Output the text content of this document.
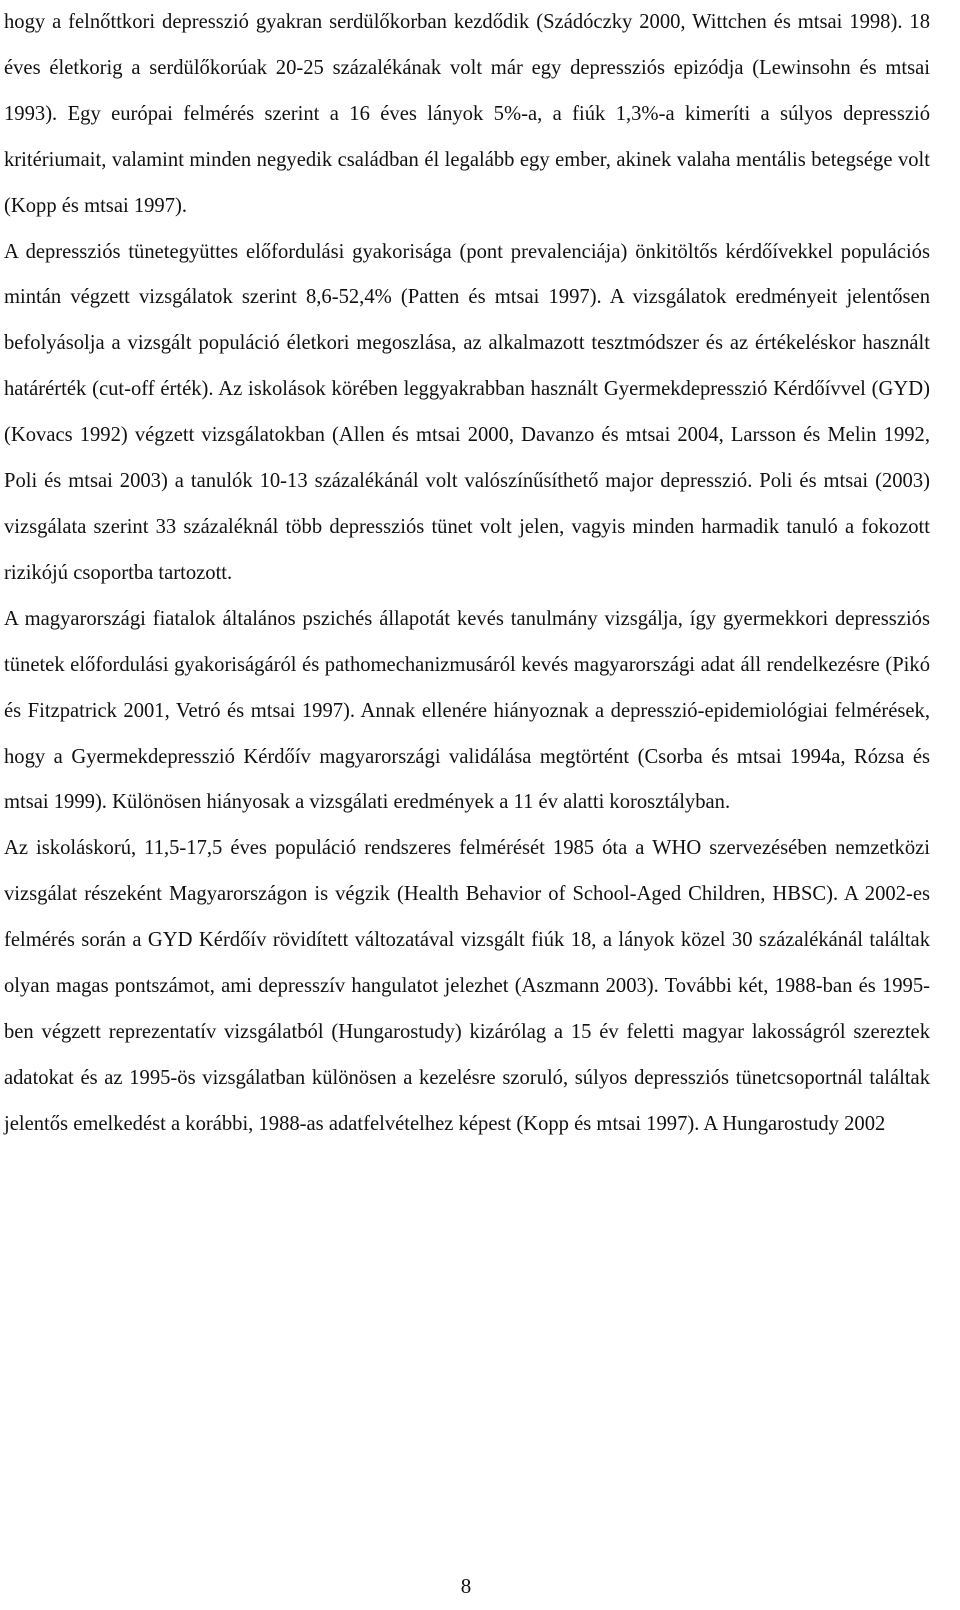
hogy a felnőttkori depresszió gyakran serdülőkorban kezdődik (Szádóczky 2000, Wittchen és mtsai 1998). 18 éves életkorig a serdülőkorúak 20-25 százalékának volt már egy depressziós epizódja (Lewinsohn és mtsai 1993). Egy európai felmérés szerint a 16 éves lányok 5%-a, a fiúk 1,3%-a kimeríti a súlyos depresszió kritériumait, valamint minden negyedik családban él legalább egy ember, akinek valaha mentális betegsége volt (Kopp és mtsai 1997).

A depressziós tünetegyüttes előfordulási gyakorisága (pont prevalenciája) önkitöltős kérdőívekkel populációs mintán végzett vizsgálatok szerint 8,6-52,4% (Patten és mtsai 1997). A vizsgálatok eredményeit jelentősen befolyásolja a vizsgált populáció életkori megoszlása, az alkalmazott tesztmódszer és az értékeléskor használt határérték (cut-off érték). Az iskolások körében leggyakrabban használt Gyermekdepresszió Kérdőívvel (GYD) (Kovacs 1992) végzett vizsgálatokban (Allen és mtsai 2000, Davanzo és mtsai 2004, Larsson és Melin 1992, Poli és mtsai 2003) a tanulók 10-13 százalékánál volt valószínűsíthető major depresszió. Poli és mtsai (2003) vizsgálata szerint 33 százaléknál több depressziós tünet volt jelen, vagyis minden harmadik tanuló a fokozott rizikójú csoportba tartozott.

A magyarországi fiatalok általános pszichés állapotát kevés tanulmány vizsgálja, így gyermekkori depressziós tünetek előfordulási gyakoriságáról és pathomechanizmusáról kevés magyarországi adat áll rendelkezésre (Pikó és Fitzpatrick 2001, Vetró és mtsai 1997). Annak ellenére hiányoznak a depresszió-epidemiológiai felmérések, hogy a Gyermekdepresszió Kérdőív magyarországi validálása megtörtént (Csorba és mtsai 1994a, Rózsa és mtsai 1999). Különösen hiányosak a vizsgálati eredmények a 11 év alatti korosztályban.

Az iskoláskorú, 11,5-17,5 éves populáció rendszeres felmérését 1985 óta a WHO szervezésében nemzetközi vizsgálat részeként Magyarországon is végzik (Health Behavior of School-Aged Children, HBSC). A 2002-es felmérés során a GYD Kérdőív rövidített változatával vizsgált fiúk 18, a lányok közel 30 százalékánál találtak olyan magas pontszámot, ami depresszív hangulatot jelezhet (Aszmann 2003). További két, 1988-ban és 1995-ben végzett reprezentatív vizsgálatból (Hungarostudy) kizárólag a 15 év feletti magyar lakosságról szereztek adatokat és az 1995-ös vizsgálatban különösen a kezelésre szoruló, súlyos depressziós tünetcsoportnál találtak jelentős emelkedést a korábbi, 1988-as adatfelvételhez képest (Kopp és mtsai 1997). A Hungarostudy 2002

8
